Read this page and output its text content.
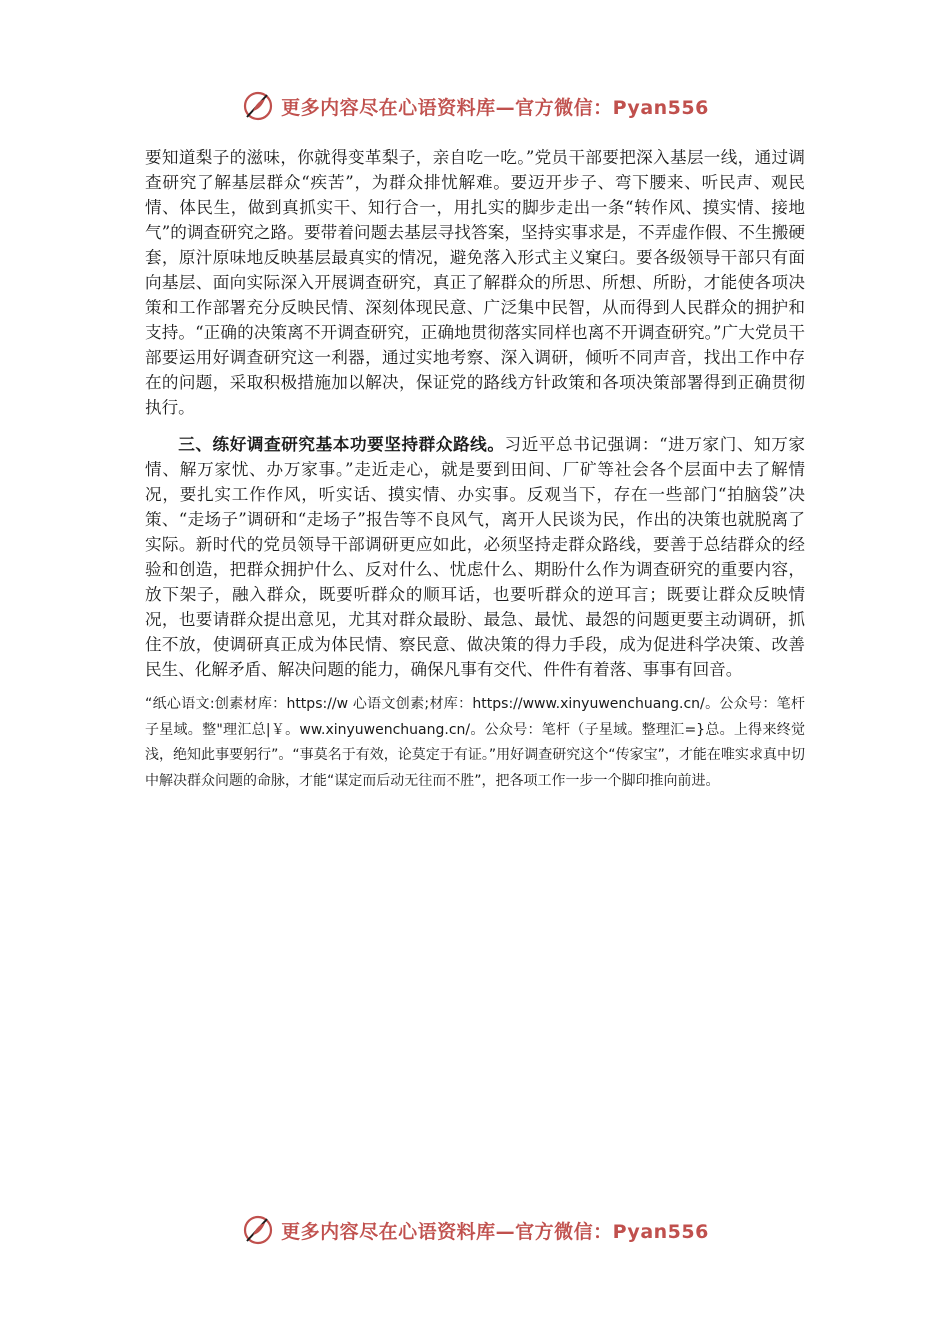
更多内容尽在心语资料库—官方微信：Pyan556

要知道梨子的滋味，你就得变革梨子，亲自吃一吃。”党员干部要把深入基层一线，通过调查研究了解基层群众“疾苦”，为群众排忧解难。要迈开步子、弯下腰来、听民声、观民情、体民生，做到真抓实干、知行合一，用扎实的脚步走出一条“转作风、摸实情、接地气”的调查研究之路。要带着问题去基层寻找答案，坚持实事求是，不弄虚作假、不生搬硬套，原汁原味地反映基层最真实的情况，避免落入形式主义窠臼。要各级领导干部只有面向基层、面向实际深入开展调查研究，真正了解群众的所思、所想、所盼，才能使各项决策和工作部署充分反映民情、深刻体现民意、广泛集中民智，从而得到人民群众的拥护和支持。“正确的决策离不开调查研究，正确地贯彻落实同样也离不开调查研究。”广大党员干部要运用好调查研究这一利器，通过实地考察、深入调研，倾听不同声音，找出工作中存在的问题，采取积极措施加以解决，保证党的路线方针政策和各项决策部署得到正确贯彻执行。

三、练好调查研究基本功要坚持群众路线。习近平总书记强调：“进万家门、知万家情、解万家忧、办万家事。”走近走心，就是要到田间、厂矿等社会各个层面中去了解情况，要扎实工作作风，听实话、摸实情、办实事。反观当下，存在一些部门“拍脑袋”决策、“走场子”调研和“走场子”报告等不良风气，离开人民谈为民，作出的决策也就脱离了实际。新时代的党员领导干部调研更应如此，必须坚持走群众路线，要善于总结群众的经验和创造，把群众拥护什么、反对什么、忧虑什么、期盼什么作为调查研究的重要内容，放下架子，融入群众，既要听群众的顺耳话，也要听群众的逆耳言；既要让群众反映情况，也要请群众提出意见，尤其对群众最盼、最急、最忧、最怨的问题更要主动调研，抓住不放，使调研真正成为体民情、察民意、做决策的得力手段，成为促进科学决策、改善民生、化解矛盾、解决问题的能力，确保凡事有交代、件件有着落、事事有回音。

“纸心语文:创素材库：https://w 心语文创素;材库：https://www.xinyuwenchuang.cn/。公众号：笔杆子星域。整"理汇总|￥。ww.xinyuwenchuang.cn/。公众号：笔杆（子星域。整理汇=}总。上得来终觉浅，绝知此事要躬行”。“事莫名于有效，论莫定于有证。”用好调查研究这个“传家宝”，才能在唯实求真中切中解决群众问题的命脉，才能“谋定而后动无往而不胜”，把各项工作一步一个脚印推向前进。
更多内容尽在心语资料库—官方微信：Pyan556
